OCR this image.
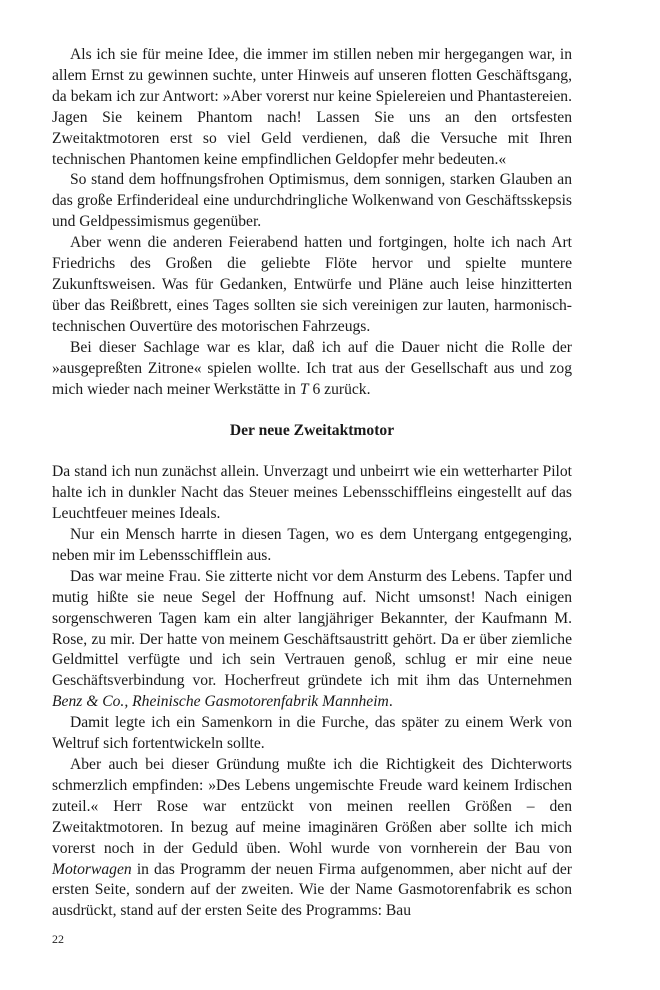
Als ich sie für meine Idee, die immer im stillen neben mir hergegangen war, in allem Ernst zu gewinnen suchte, unter Hinweis auf unseren flotten Geschäftsgang, da bekam ich zur Antwort: »Aber vorerst nur keine Spielereien und Phantastereien. Jagen Sie keinem Phantom nach! Lassen Sie uns an den ortsfesten Zweitaktmotoren erst so viel Geld verdienen, daß die Versuche mit Ihren technischen Phantomen keine empfindlichen Geldopfer mehr bedeuten.«

So stand dem hoffnungsfrohen Optimismus, dem sonnigen, starken Glauben an das große Erfinderideal eine undurchdringliche Wolkenwand von Geschäftsskepsis und Geldpessimismus gegenüber.

Aber wenn die anderen Feierabend hatten und fortgingen, holte ich nach Art Friedrichs des Großen die geliebte Flöte hervor und spielte muntere Zukunftsweisen. Was für Gedanken, Entwürfe und Pläne auch leise hinzitterten über das Reißbrett, eines Tages sollten sie sich vereinigen zur lauten, harmonisch-technischen Ouvertüre des motorischen Fahrzeugs.

Bei dieser Sachlage war es klar, daß ich auf die Dauer nicht die Rolle der »ausgepreßten Zitrone« spielen wollte. Ich trat aus der Gesellschaft aus und zog mich wieder nach meiner Werkstätte in T 6 zurück.

Der neue Zweitaktmotor

Da stand ich nun zunächst allein. Unverzagt und unbeirrt wie ein wetterharter Pilot halte ich in dunkler Nacht das Steuer meines Lebensschiffleins eingestellt auf das Leuchtfeuer meines Ideals.

Nur ein Mensch harrte in diesen Tagen, wo es dem Untergang entgegenging, neben mir im Lebensschifflein aus.

Das war meine Frau. Sie zitterte nicht vor dem Ansturm des Lebens. Tapfer und mutig hißte sie neue Segel der Hoffnung auf. Nicht umsonst! Nach einigen sorgenschweren Tagen kam ein alter langjähriger Bekannter, der Kaufmann M. Rose, zu mir. Der hatte von meinem Geschäftsaustritt gehört. Da er über ziemliche Geldmittel verfügte und ich sein Vertrauen genoß, schlug er mir eine neue Geschäftsverbindung vor. Hocherfreut gründete ich mit ihm das Unternehmen Benz & Co., Rheinische Gasmotorenfabrik Mannheim.

Damit legte ich ein Samenkorn in die Furche, das später zu einem Werk von Weltruf sich fortentwickeln sollte.

Aber auch bei dieser Gründung mußte ich die Richtigkeit des Dichterworts schmerzlich empfinden: »Des Lebens ungemischte Freude ward keinem Irdischen zuteil.« Herr Rose war entzückt von meinen reellen Größen – den Zweitaktmotoren. In bezug auf meine imaginären Größen aber sollte ich mich vorerst noch in der Geduld üben. Wohl wurde von vornherein der Bau von Motorwagen in das Programm der neuen Firma aufgenommen, aber nicht auf der ersten Seite, sondern auf der zweiten. Wie der Name Gasmotorenfabrik es schon ausdrückt, stand auf der ersten Seite des Programms: Bau

22
